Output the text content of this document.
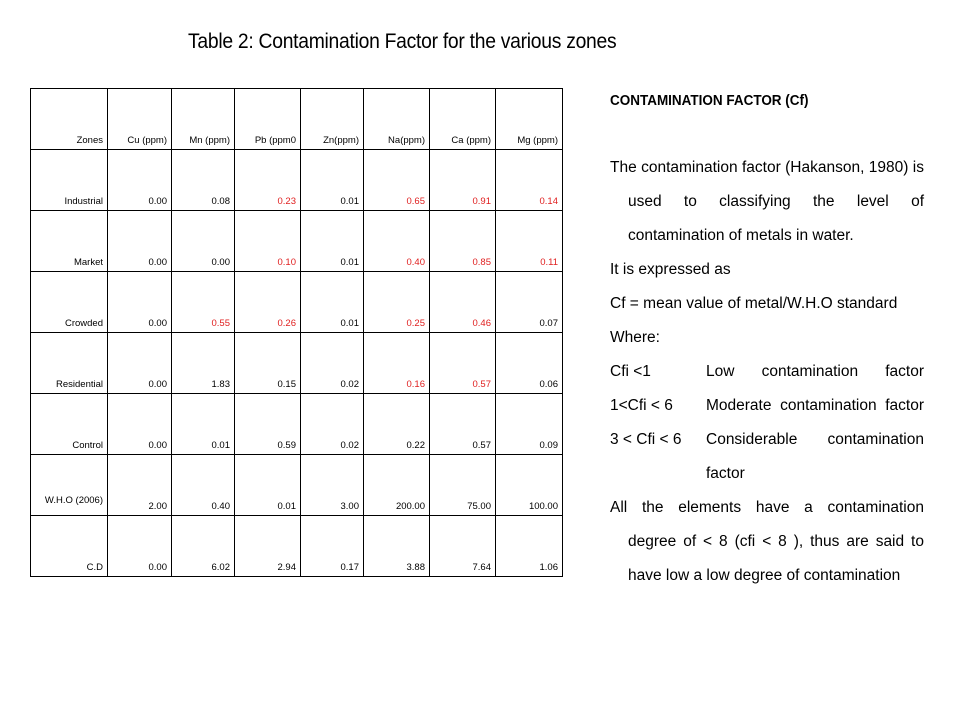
Table 2: Contamination Factor for the various zones
Zones	Cu (ppm)	Mn (ppm)	Pb (ppm0	Zn(ppm)	Na(ppm)	Ca (ppm)	Mg (ppm)
Industrial	0.00	0.08	0.23	0.01	0.65	0.91	0.14
Market	0.00	0.00	0.10	0.01	0.40	0.85	0.11
Crowded	0.00	0.55	0.26	0.01	0.25	0.46	0.07
Residential	0.00	1.83	0.15	0.02	0.16	0.57	0.06
Control	0.00	0.01	0.59	0.02	0.22	0.57	0.09
W.H.O (2006)	2.00	0.40	0.01	3.00	200.00	75.00	100.00
C.D	0.00	6.02	2.94	0.17	3.88	7.64	1.06
CONTAMINATION FACTOR (Cf)

The contamination factor (Hakanson, 1980) is used to classifying the level of contamination of metals in water.

It is expressed as

Cf = mean value of metal/W.H.O standard

Where:

Cfi <1	Low contamination factor
1<Cfi < 6	Moderate contamination factor
3 < Cfi < 6	Considerable contamination factor

All the elements have a contamination degree of < 8 (cfi < 8 ), thus are said to have low a low degree of contamination
